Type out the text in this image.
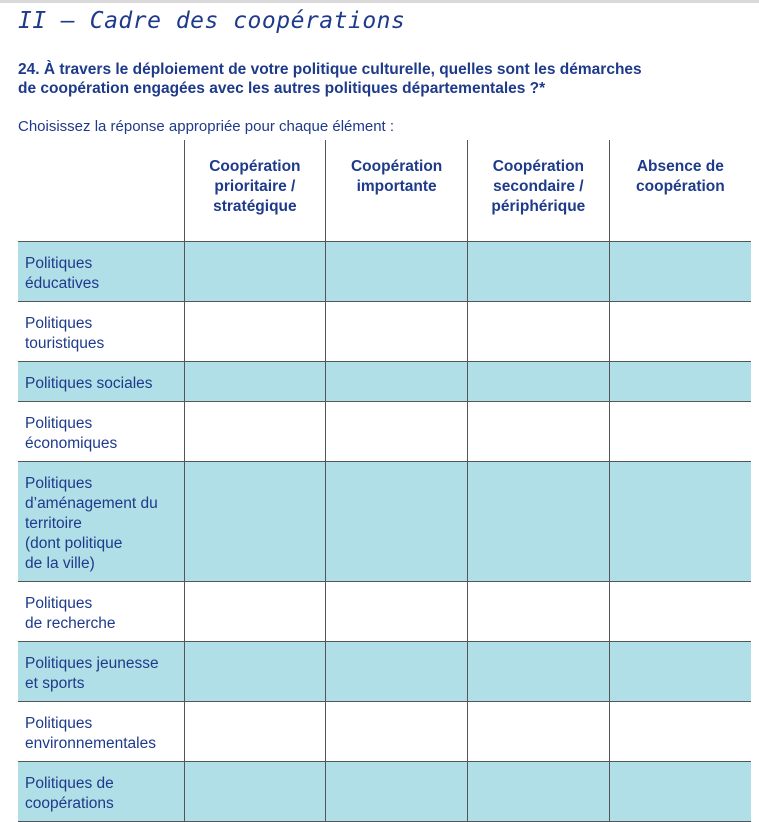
II – Cadre des coopérations

24. À travers le déploiement de votre politique culturelle, quelles sont les démarches
de coopération engagées avec les autres politiques départementales ?*

Choisissez la réponse appropriée pour chaque élément :

	Coopération
prioritaire /
stratégique	Coopération
importante	Coopération
secondaire /
périphérique	Absence de
coopération

Politiques
éducatives				

Politiques
touristiques				

Politiques sociales				

Politiques
économiques				

Politiques
d’aménagement du
territoire
(dont politique
de la ville)				

Politiques
de recherche				

Politiques jeunesse
et sports				

Politiques
environnementales				

Politiques de
coopérations				
